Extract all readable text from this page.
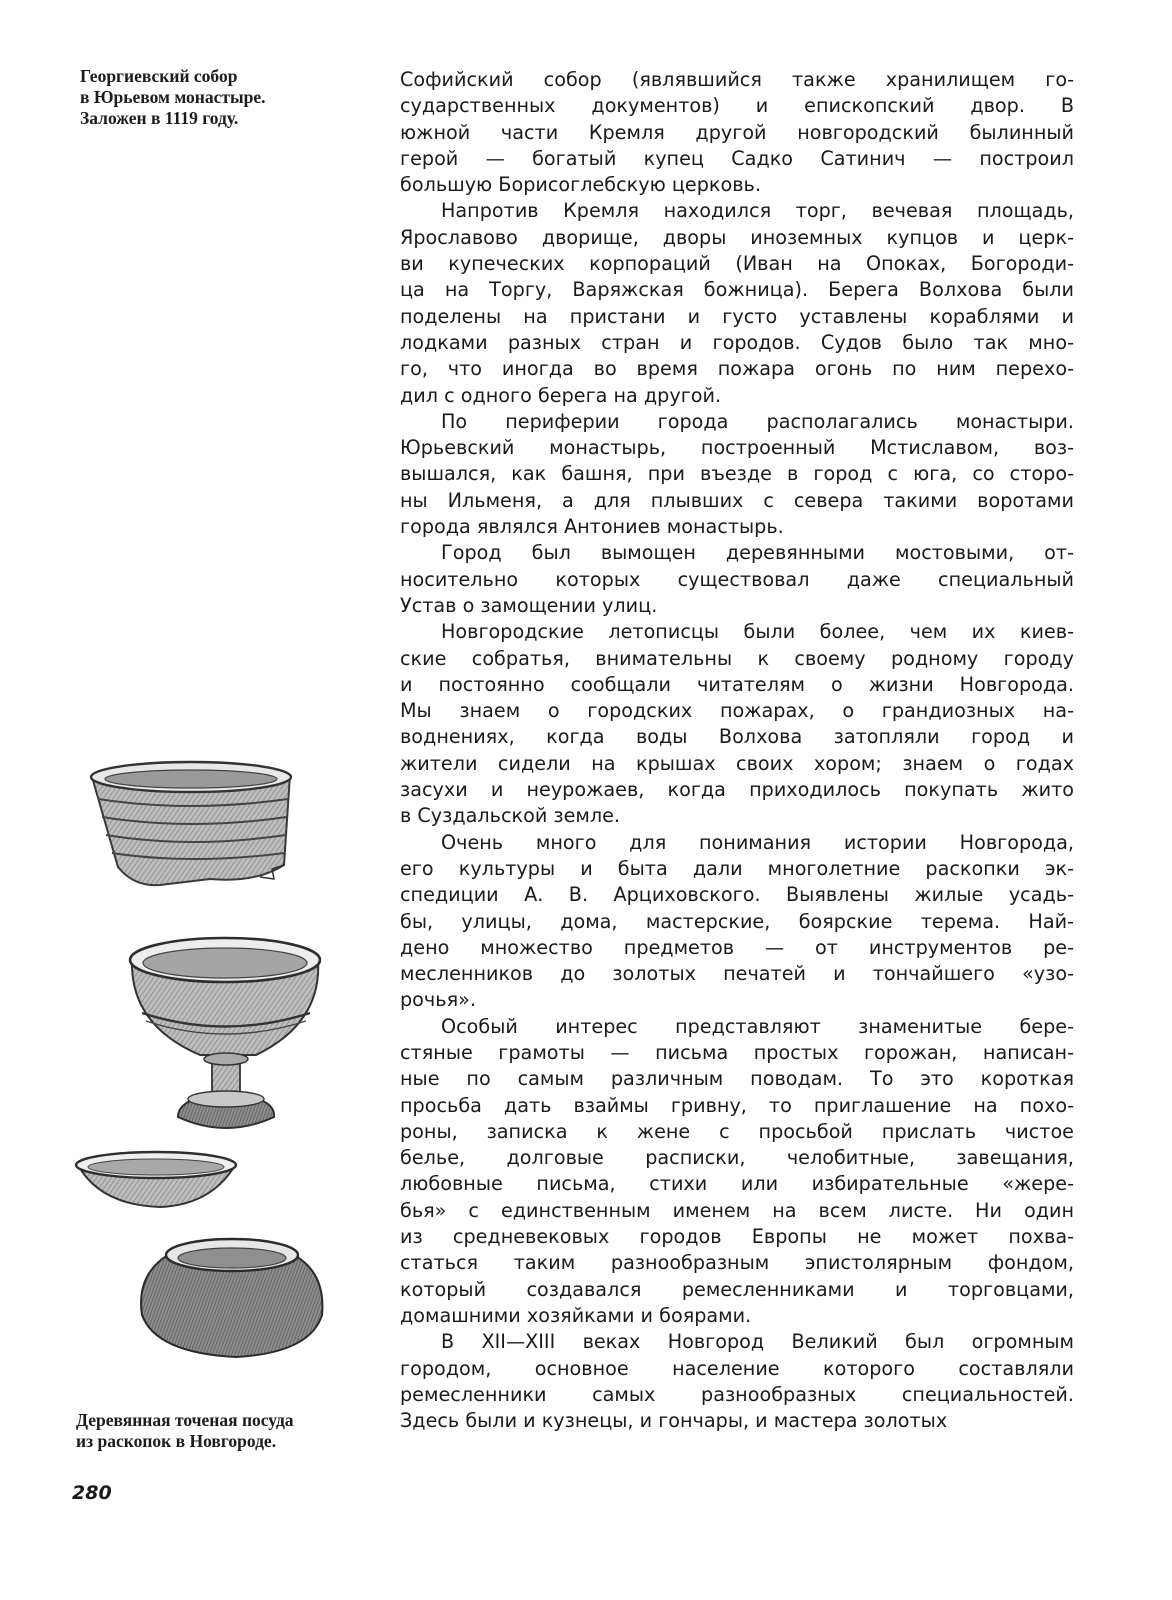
Георгиевский собор
в Юрьевом монастыре.
Заложен в 1119 году.
Деревянная точеная посуда
из раскопок в Новгороде.

Софийский собор (являвшийся также хранилищем го-
сударственных документов) и епископский двор. В
южной части Кремля другой новгородский былинный
герой — богатый купец Садко Сатинич — построил
большую Борисоглебскую церковь.

Напротив Кремля находился торг, вечевая площадь,
Ярославово дворище, дворы иноземных купцов и церк-
ви купеческих корпораций (Иван на Опоках, Богороди-
ца на Торгу, Варяжская божница). Берега Волхова были
поделены на пристани и густо уставлены кораблями и
лодками разных стран и городов. Судов было так мно-
го, что иногда во время пожара огонь по ним перехо-
дил с одного берега на другой.

По периферии города располагались монастыри.
Юрьевский монастырь, построенный Мстиславом, воз-
вышался, как башня, при въезде в город с юга, со сторо-
ны Ильменя, а для плывших с севера такими воротами
города являлся Антониев монастырь.

Город был вымощен деревянными мостовыми, от-
носительно которых существовал даже специальный
Устав о замощении улиц.

Новгородские летописцы были более, чем их киев-
ские собратья, внимательны к своему родному городу
и постоянно сообщали читателям о жизни Новгорода.
Мы знаем о городских пожарах, о грандиозных на-
воднениях, когда воды Волхова затопляли город и
жители сидели на крышах своих хором; знаем о годах
засухи и неурожаев, когда приходилось покупать жито
в Суздальской земле.

Очень много для понимания истории Новгорода,
его культуры и быта дали многолетние раскопки эк-
спедиции А. В. Арциховского. Выявлены жилые усадь-
бы, улицы, дома, мастерские, боярские терема. Най-
дено множество предметов — от инструментов ре-
месленников до золотых печатей и тончайшего «узо-
рочья».

Особый интерес представляют знаменитые бере-
стяные грамоты — письма простых горожан, написан-
ные по самым различным поводам. То это короткая
просьба дать взаймы гривну, то приглашение на похо-
роны, записка к жене с просьбой прислать чистое
белье, долговые расписки, челобитные, завещания,
любовные письма, стихи или избирательные «жере-
бья» с единственным именем на всем листе. Ни один
из средневековых городов Европы не может похва-
статься таким разнообразным эпистолярным фондом,
который создавался ремесленниками и торговцами,
домашними хозяйками и боярами.

В XII—XIII веках Новгород Великий был огромным
городом, основное население которого составляли
ремесленники самых разнообразных специальностей.
Здесь были и кузнецы, и гончары, и мастера золотых

280
